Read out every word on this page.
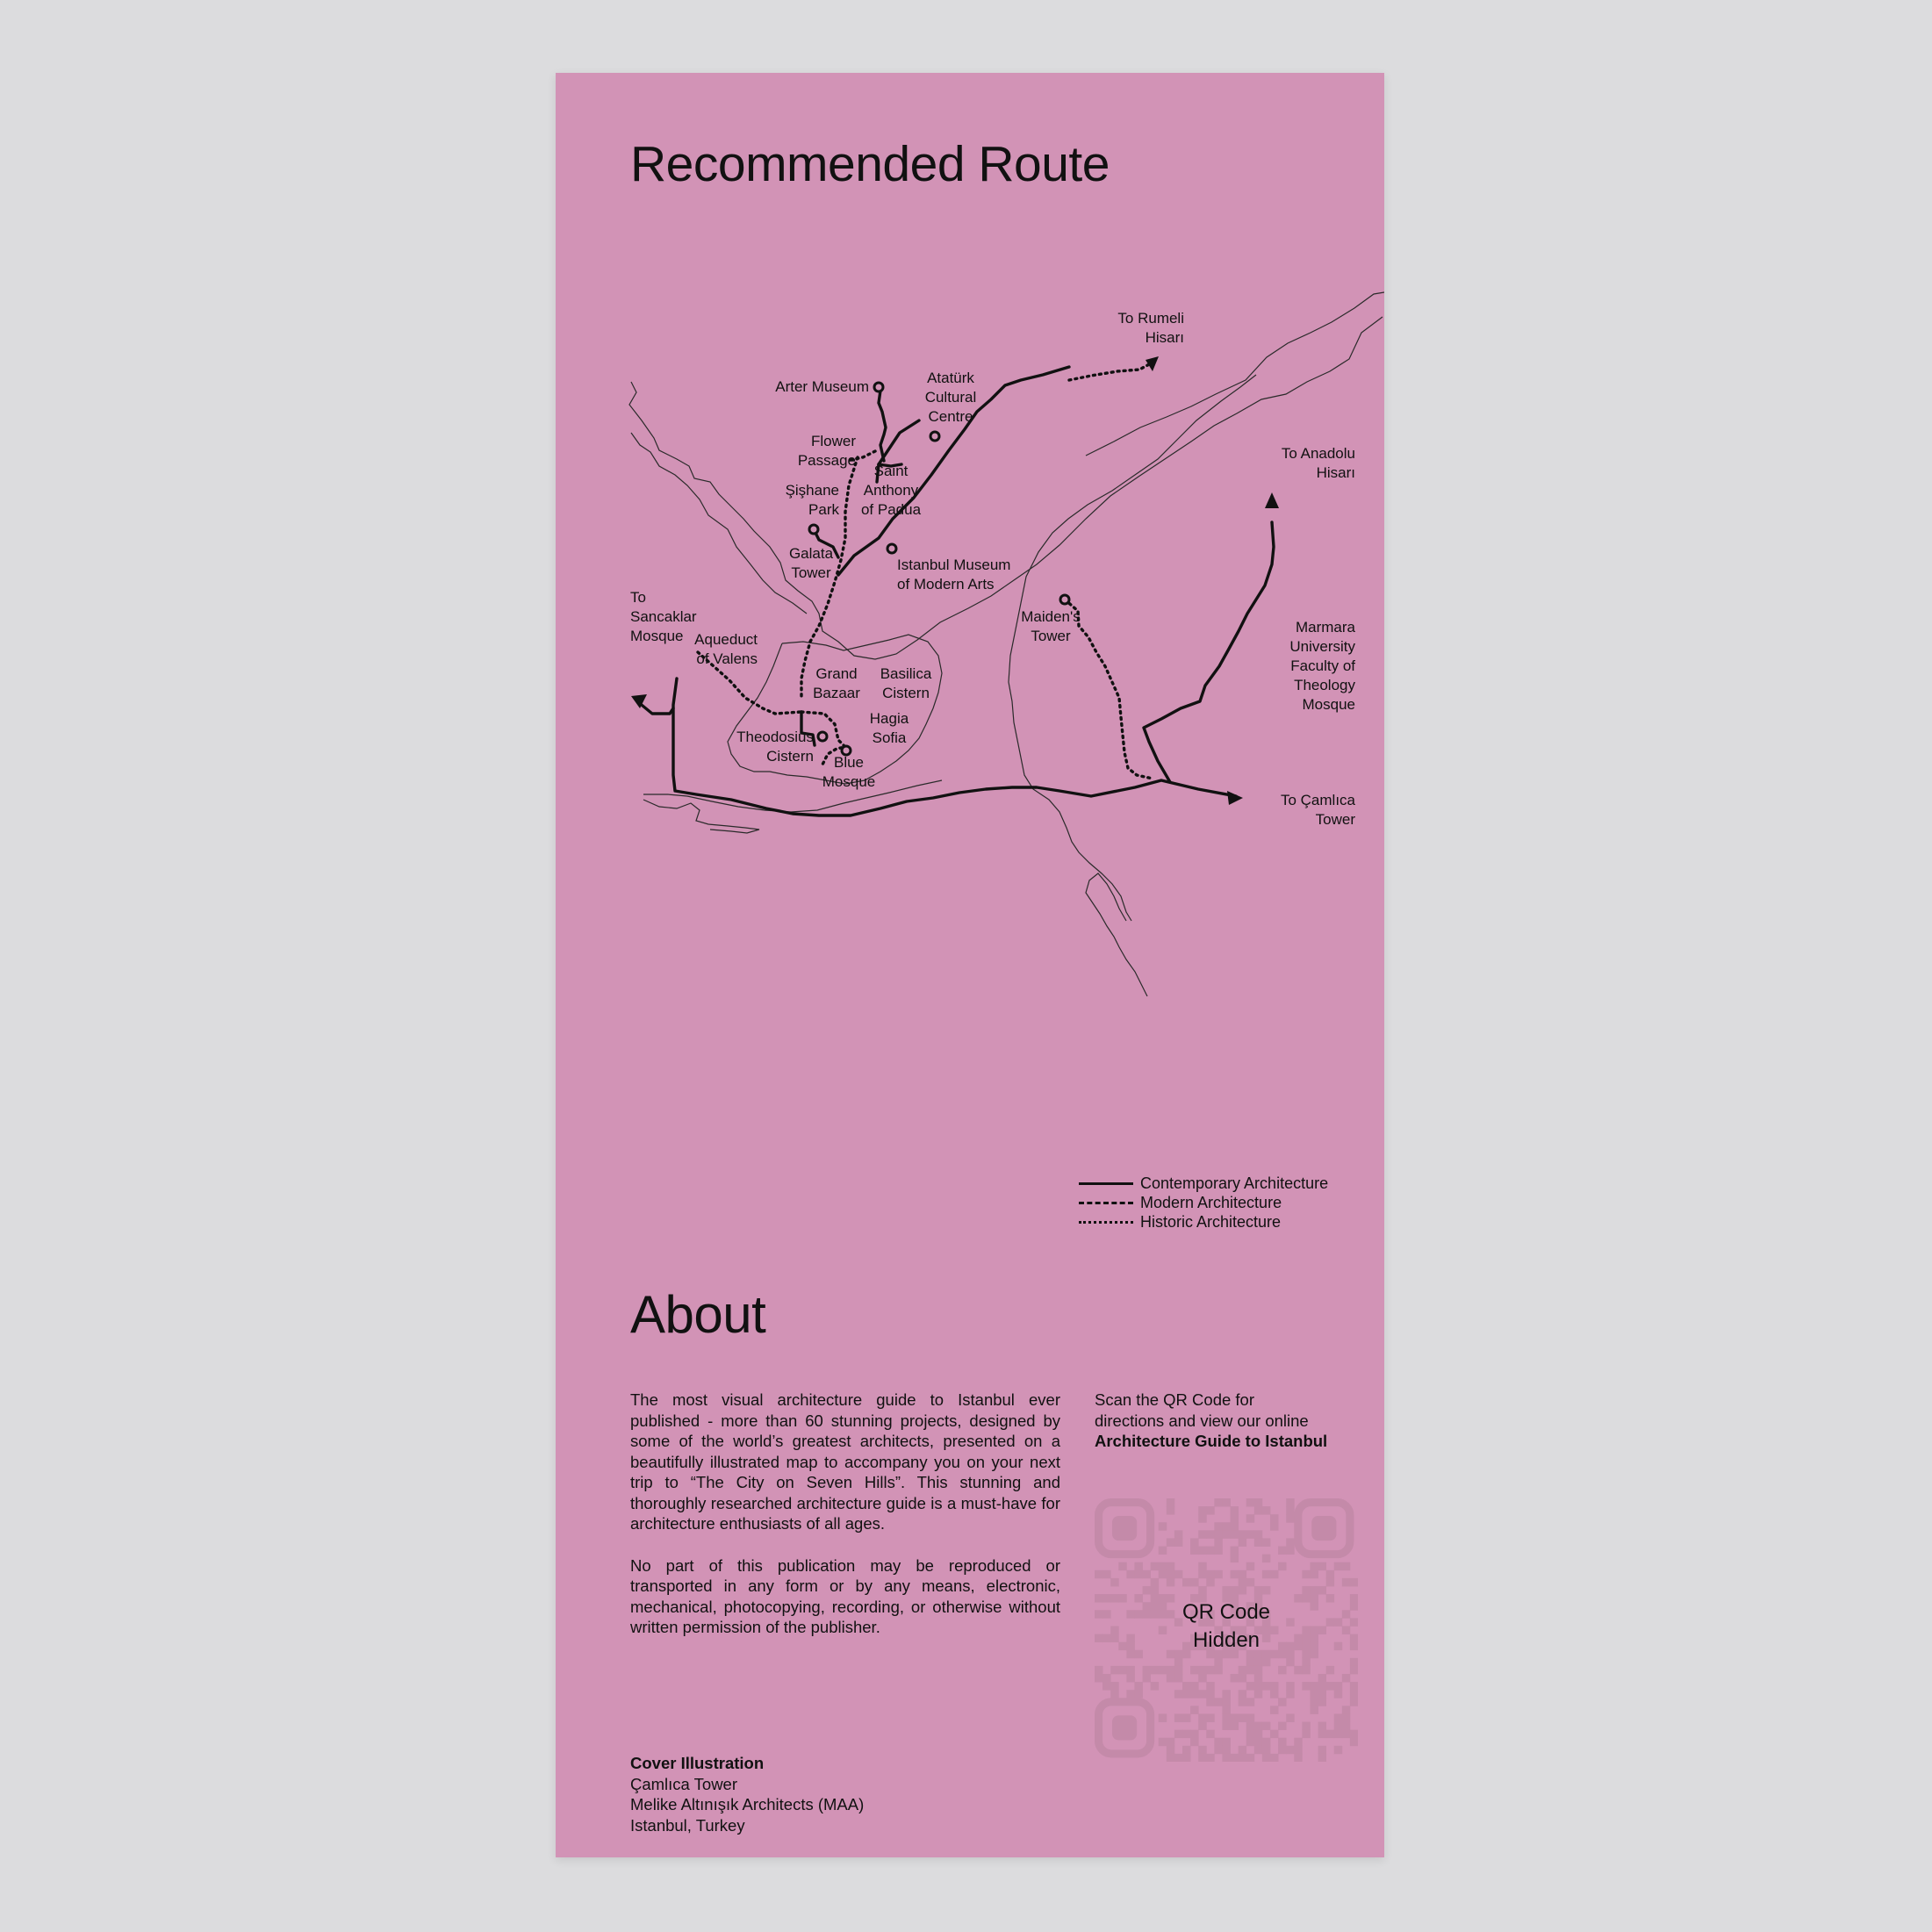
Recommended Route
To Rumeli Hisarı
Arter Museum
Atatürk Cultural Centre
Flower Passage
Saint Anthony of Padua
Şişhane Park
Galata Tower	Istanbul Museum of Modern Arts
To Anadolu Hisarı
To Sancaklar Mosque Aqueduct of Valens
Grand Bazaar
Basilica Cistern
Hagia Sofia
Theodosius Cistern	Blue Mosque
Maiden's Tower
Marmara University Faculty of Theology Mosque
To Çamlıca Tower
Contemporary Architecture
Modern Architecture
Historic Architecture
About

The most visual architecture guide to Istanbul ever published - more than 60 stunning projects, designed by some of the world’s greatest architects, presented on a beautifully illustrated map to accompany you on your next trip to “The City on Seven Hills”. This stunning and thoroughly researched architecture guide is a must-have for architecture enthusiasts of all ages.

No part of this publication may be reproduced or transported in any form or by any means, electronic, mechanical, photocopying, recording, or otherwise without written permission of the publisher.

Cover Illustration
Çamlıca Tower
Melike Altınışık Architects (MAA)
Istanbul, Turkey
Scan the QR Code for
directions and view our online
Architecture Guide to Istanbul
QR Code
Hidden
